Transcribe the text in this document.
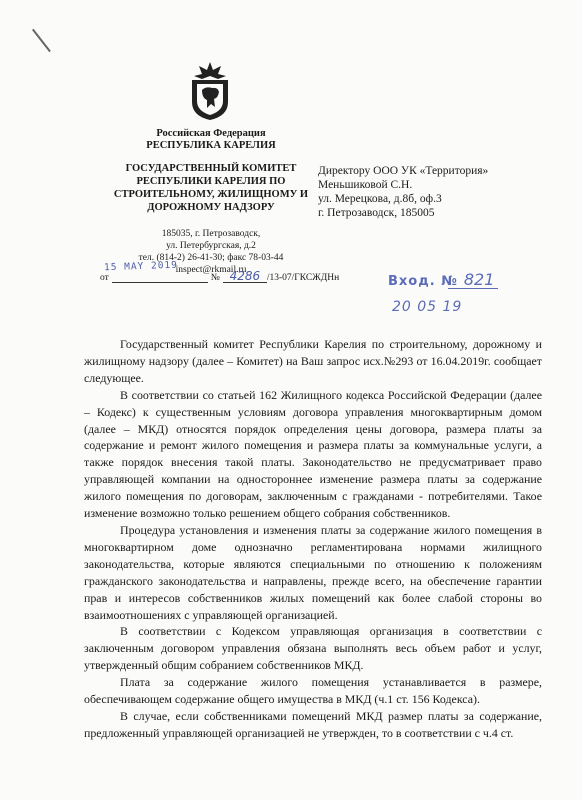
Российская Федерация
РЕСПУБЛИКА КАРЕЛИЯ
ГОСУДАРСТВЕННЫЙ КОМИТЕТ
РЕСПУБЛИКИ КАРЕЛИЯ ПО
СТРОИТЕЛЬНОМУ, ЖИЛИЩНОМУ И
ДОРОЖНОМУ НАДЗОРУ
185035, г. Петрозаводск,
ул. Петербургская, д.2
тел. (814-2) 26-41-30; факс 78-03-44
inspect@rkmail.ru
Директору ООО УК «Территория»
Меньшиковой С.Н.
ул. Мерецкова, д.8б, оф.3
г. Петрозаводск, 185005
15 MAY 2019
от	№ 4286 /13-07/ГКСЖДНн	Вход. № 821
20 05 19

Государственный комитет Республики Карелия по строительному, дорожному и жилищному надзору (далее – Комитет) на Ваш запрос исх.№293 от 16.04.2019г. сообщает следующее.

В соответствии со статьей 162 Жилищного кодекса Российской Федерации (далее – Кодекс) к существенным условиям договора управления многоквартирным домом (далее – МКД) относятся порядок определения цены договора, размера платы за содержание и ремонт жилого помещения и размера платы за коммунальные услуги, а также порядок внесения такой платы. Законодательство не предусматривает право управляющей компании на одностороннее изменение размера платы за содержание жилого помещения по договорам, заключенным с гражданами - потребителями. Такое изменение возможно только решением общего собрания собственников.

Процедура установления и изменения платы за содержание жилого помещения в многоквартирном доме однозначно регламентирована нормами жилищного законодательства, которые являются специальными по отношению к положениям гражданского законодательства и направлены, прежде всего, на обеспечение гарантии прав и интересов собственников жилых помещений как более слабой стороны во взаимоотношениях с управляющей организацией.

В соответствии с Кодексом управляющая организация в соответствии с заключенным договором управления обязана выполнять весь объем работ и услуг, утвержденный общим собранием собственников МКД.

Плата за содержание жилого помещения устанавливается в размере, обеспечивающем содержание общего имущества в МКД (ч.1 ст. 156 Кодекса).

В случае, если собственниками помещений МКД размер платы за содержание, предложенный управляющей организацией не утвержден, то в соответствии с ч.4 ст.
